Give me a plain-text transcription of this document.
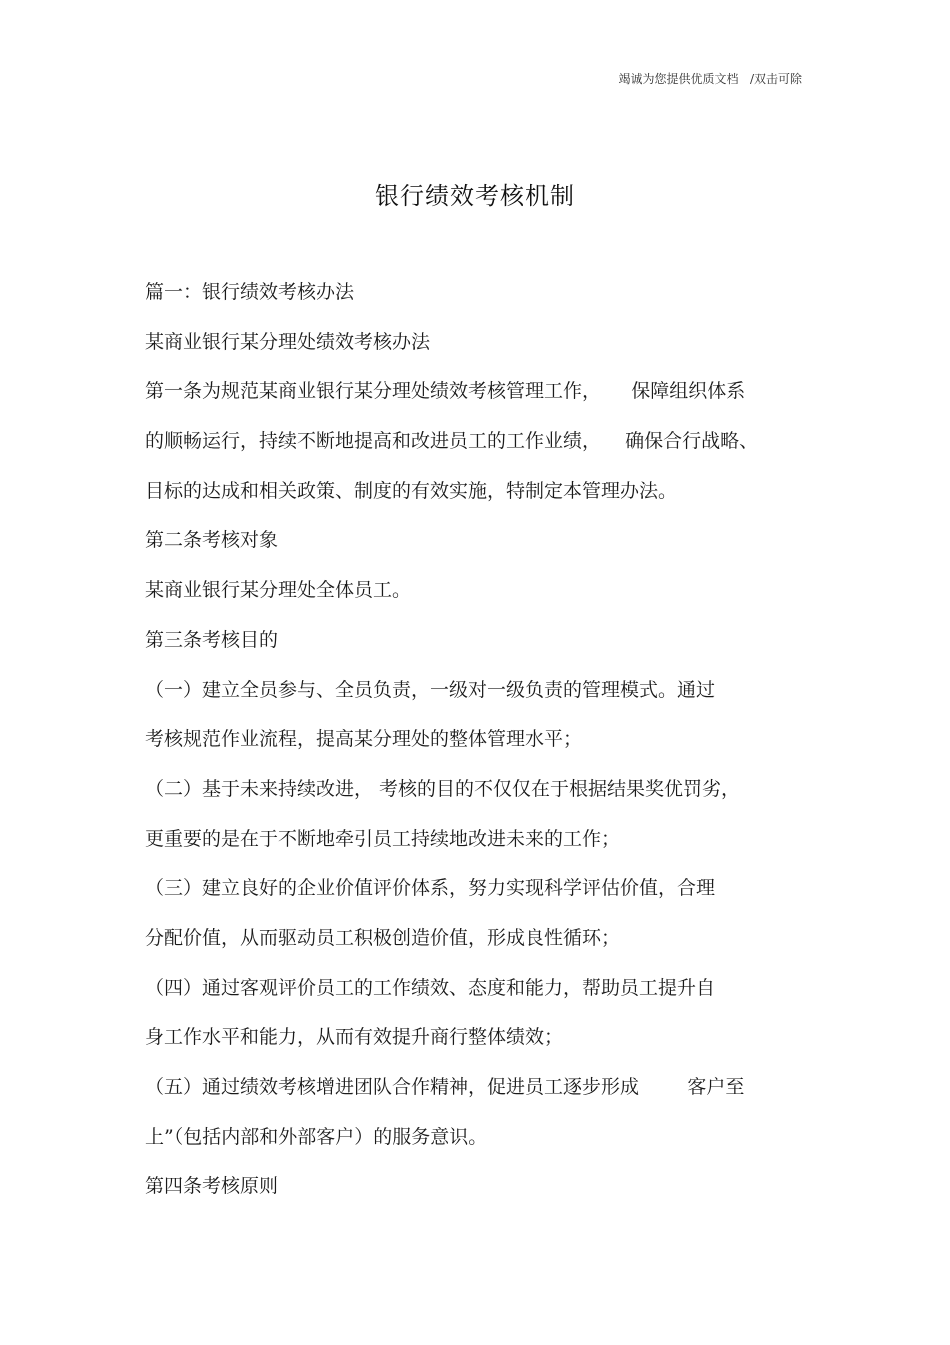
竭诚为您提供优质文档   /双击可除
银行绩效考核机制
篇一：银行绩效考核办法
某商业银行某分理处绩效考核办法
第一条为规范某商业银行某分理处绩效考核管理工作，     保障组织体系
的顺畅运行，持续不断地提高和改进员工的工作业绩，    确保合行战略、
目标的达成和相关政策、制度的有效实施，特制定本管理办法。
第二条考核对象
某商业银行某分理处全体员工。
第三条考核目的
（一）建立全员参与、全员负责，一级对一级负责的管理模式。通过
考核规范作业流程，提高某分理处的整体管理水平；
（二）基于未来持续改进， 考核的目的不仅仅在于根据结果奖优罚劣，
更重要的是在于不断地牵引员工持续地改进未来的工作；
（三）建立良好的企业价值评价体系，努力实现科学评估价值，合理
分配价值，从而驱动员工积极创造价值，形成良性循环；
（四）通过客观评价员工的工作绩效、态度和能力，帮助员工提升自
身工作水平和能力，从而有效提升商行整体绩效；
（五）通过绩效考核增进团队合作精神，促进员工逐步形成        客户至
上”（包括内部和外部客户）的服务意识。
第四条考核原则
